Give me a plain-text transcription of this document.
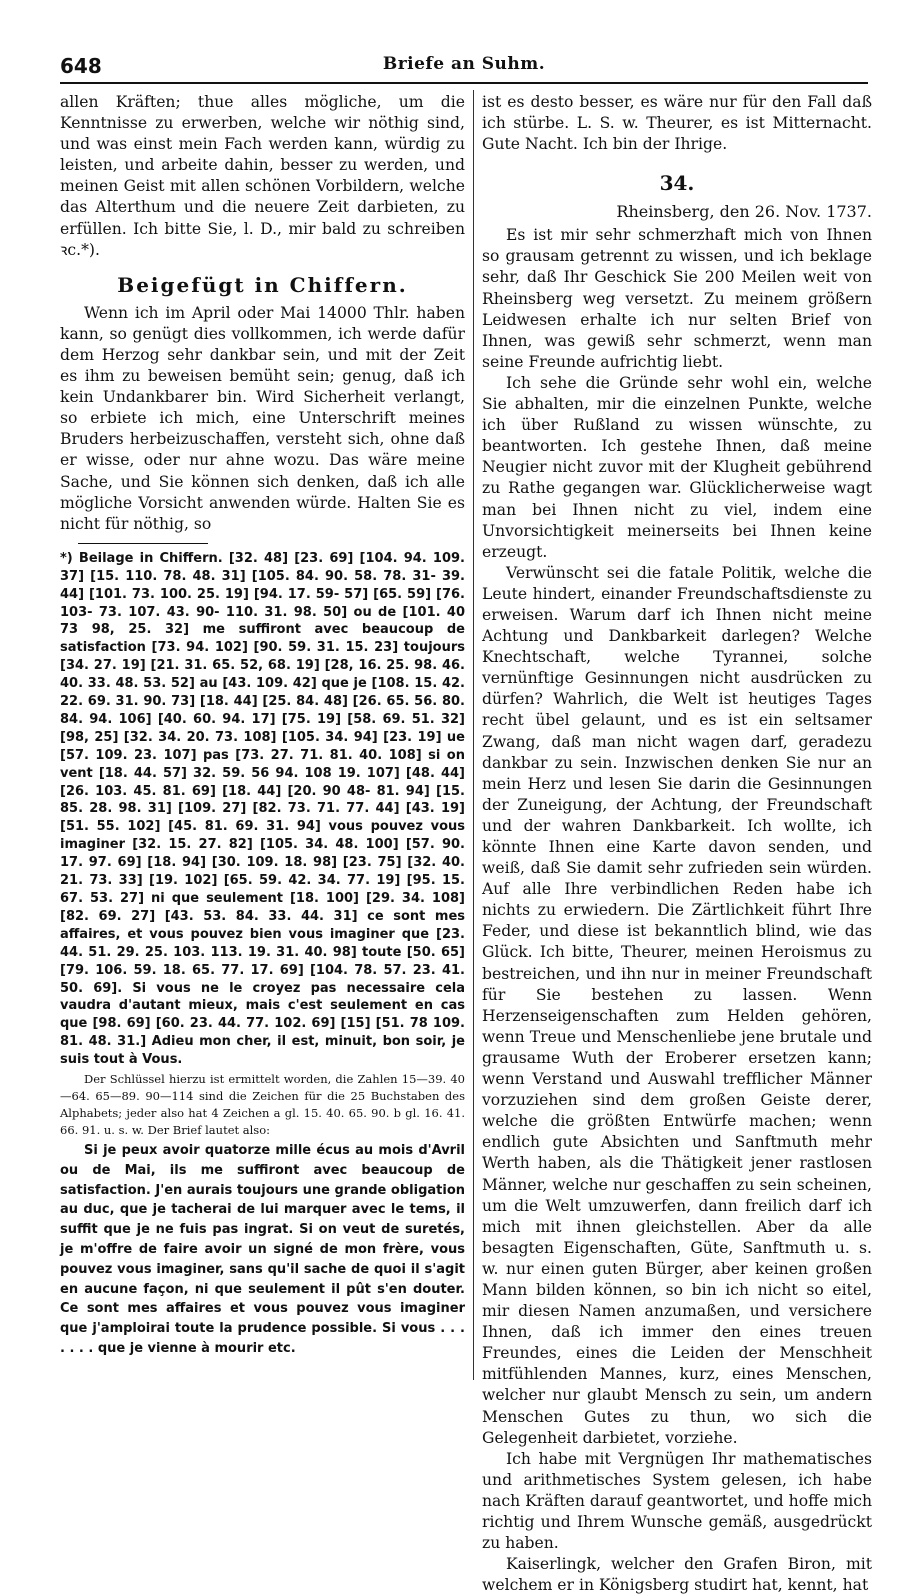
648	Briefe an Suhm.

allen Kräften; thue alles mögliche, um die Kenntnisse zu erwerben, welche wir nöthig sind, und was einst mein Fach werden kann, würdig zu leisten, und arbeite dahin, besser zu werden, und meinen Geist mit allen schönen Vorbildern, welche das Alterthum und die neuere Zeit darbieten, zu erfüllen. Ich bitte Sie, l. D., mir bald zu schreiben ꝛc.*).

Beigefügt in Chiffern.

Wenn ich im April oder Mai 14000 Thlr. haben kann, so genügt dies vollkommen, ich werde dafür dem Herzog sehr dankbar sein, und mit der Zeit es ihm zu beweisen bemüht sein; genug, daß ich kein Undankbarer bin. Wird Sicherheit verlangt, so erbiete ich mich, eine Unterschrift meines Bruders herbeizuschaffen, versteht sich, ohne daß er wisse, oder nur ahne wozu. Das wäre meine Sache, und Sie können sich denken, daß ich alle mögliche Vorsicht anwenden würde. Halten Sie es nicht für nöthig, so

*) Beilage in Chiffern. [32. 48] [23. 69] [104. 94. 109. 37] [15. 110. 78. 48. 31] [105. 84. 90. 58. 78. 31- 39. 44] [101. 73. 100. 25. 19] [94. 17. 59- 57] [65. 59] [76. 103- 73. 107. 43. 90- 110. 31. 98. 50] ou de [101. 40 73 98, 25. 32] me suffiront avec beaucoup de satisfaction [73. 94. 102] [90. 59. 31. 15. 23] toujours [34. 27. 19] [21. 31. 65. 52, 68. 19] [28, 16. 25. 98. 46. 40. 33. 48. 53. 52] au [43. 109. 42] que je [108. 15. 42. 22. 69. 31. 90. 73] [18. 44] [25. 84. 48] [26. 65. 56. 80. 84. 94. 106] [40. 60. 94. 17] [75. 19] [58. 69. 51. 32] [98, 25] [32. 34. 20. 73. 108] [105. 34. 94] [23. 19] ue [57. 109. 23. 107] pas [73. 27. 71. 81. 40. 108] si on vent [18. 44. 57] 32. 59. 56 94. 108 19. 107] [48. 44] [26. 103. 45. 81. 69] [18. 44] [20. 90 48- 81. 94] [15. 85. 28. 98. 31] [109. 27] [82. 73. 71. 77. 44] [43. 19] [51. 55. 102] [45. 81. 69. 31. 94] vous pouvez vous imaginer [32. 15. 27. 82] [105. 34. 48. 100] [57. 90. 17. 97. 69] [18. 94] [30. 109. 18. 98] [23. 75] [32. 40. 21. 73. 33] [19. 102] [65. 59. 42. 34. 77. 19] [95. 15. 67. 53. 27] ni que seulement [18. 100] [29. 34. 108] [82. 69. 27] [43. 53. 84. 33. 44. 31] ce sont mes affaires, et vous pouvez bien vous imaginer que [23. 44. 51. 29. 25. 103. 113. 19. 31. 40. 98] toute [50. 65] [79. 106. 59. 18. 65. 77. 17. 69] [104. 78. 57. 23. 41. 50. 69]. Si vous ne le croyez pas necessaire cela vaudra d'autant mieux, mais c'est seulement en cas que [98. 69] [60. 23. 44. 77. 102. 69] [15] [51. 78 109. 81. 48. 31.] Adieu mon cher, il est, minuit, bon soir, je suis tout à Vous.

Der Schlüssel hierzu ist ermittelt worden, die Zahlen 15—39. 40—64. 65—89. 90—114 sind die Zeichen für die 25 Buchstaben des Alphabets; jeder also hat 4 Zeichen a gl. 15. 40. 65. 90. b gl. 16. 41. 66. 91. u. s. w. Der Brief lautet also:

Si je peux avoir quatorze mille écus au mois d'Avril ou de Mai, ils me suffiront avec beaucoup de satisfaction. J'en aurais toujours une grande obligation au duc, que je tacherai de lui marquer avec le tems, il suffit que je ne fuis pas ingrat. Si on veut de suretés, je m'offre de faire avoir un signé de mon frère, vous pouvez vous imaginer, sans qu'il sache de quoi il s'agit en aucune façon, ni que seulement il pût s'en douter. Ce sont mes affaires et vous pouvez vous imaginer que j'amploirai toute la prudence possible. Si vous . . . . . . . que je vienne à mourir etc.

ist es desto besser, es wäre nur für den Fall daß ich stürbe. L. S. w. Theurer, es ist Mitternacht. Gute Nacht. Ich bin der Ihrige.

34.
Rheinsberg, den 26. Nov. 1737.

Es ist mir sehr schmerzhaft mich von Ihnen so grausam getrennt zu wissen, und ich beklage sehr, daß Ihr Geschick Sie 200 Meilen weit von Rheinsberg weg versetzt. Zu meinem größern Leidwesen erhalte ich nur selten Brief von Ihnen, was gewiß sehr schmerzt, wenn man seine Freunde aufrichtig liebt.

Ich sehe die Gründe sehr wohl ein, welche Sie abhalten, mir die einzelnen Punkte, welche ich über Rußland zu wissen wünschte, zu beantworten. Ich gestehe Ihnen, daß meine Neugier nicht zuvor mit der Klugheit gebührend zu Rathe gegangen war. Glücklicherweise wagt man bei Ihnen nicht zu viel, indem eine Unvorsichtigkeit meinerseits bei Ihnen keine erzeugt.

Verwünscht sei die fatale Politik, welche die Leute hindert, einander Freundschaftsdienste zu erweisen. Warum darf ich Ihnen nicht meine Achtung und Dankbarkeit darlegen? Welche Knechtschaft, welche Tyrannei, solche vernünftige Gesinnungen nicht ausdrücken zu dürfen? Wahrlich, die Welt ist heutiges Tages recht übel gelaunt, und es ist ein seltsamer Zwang, daß man nicht wagen darf, geradezu dankbar zu sein. Inzwischen denken Sie nur an mein Herz und lesen Sie darin die Gesinnungen der Zuneigung, der Achtung, der Freundschaft und der wahren Dankbarkeit. Ich wollte, ich könnte Ihnen eine Karte davon senden, und weiß, daß Sie damit sehr zufrieden sein würden. Auf alle Ihre verbindlichen Reden habe ich nichts zu erwiedern. Die Zärtlichkeit führt Ihre Feder, und diese ist bekanntlich blind, wie das Glück. Ich bitte, Theurer, meinen Heroismus zu bestreichen, und ihn nur in meiner Freundschaft für Sie bestehen zu lassen. Wenn Herzenseigenschaften zum Helden gehören, wenn Treue und Menschenliebe jene brutale und grausame Wuth der Eroberer ersetzen kann; wenn Verstand und Auswahl trefflicher Männer vorzuziehen sind dem großen Geiste derer, welche die größten Entwürfe machen; wenn endlich gute Absichten und Sanftmuth mehr Werth haben, als die Thätigkeit jener rastlosen Männer, welche nur geschaffen zu sein scheinen, um die Welt umzuwerfen, dann freilich darf ich mich mit ihnen gleichstellen. Aber da alle besagten Eigenschaften, Güte, Sanftmuth u. s. w. nur einen guten Bürger, aber keinen großen Mann bilden können, so bin ich nicht so eitel, mir diesen Namen anzumaßen, und versichere Ihnen, daß ich immer den eines treuen Freundes, eines die Leiden der Menschheit mitfühlenden Mannes, kurz, eines Menschen, welcher nur glaubt Mensch zu sein, um andern Menschen Gutes zu thun, wo sich die Gelegenheit darbietet, vorziehe.

Ich habe mit Vergnügen Ihr mathematisches und arithmetisches System gelesen, ich habe nach Kräften darauf geantwortet, und hoffe mich richtig und Ihrem Wunsche gemäß, ausgedrückt zu haben.

Kaiserlingk, welcher den Grafen Biron, mit welchem er in Königsberg studirt hat, kennt, hat
